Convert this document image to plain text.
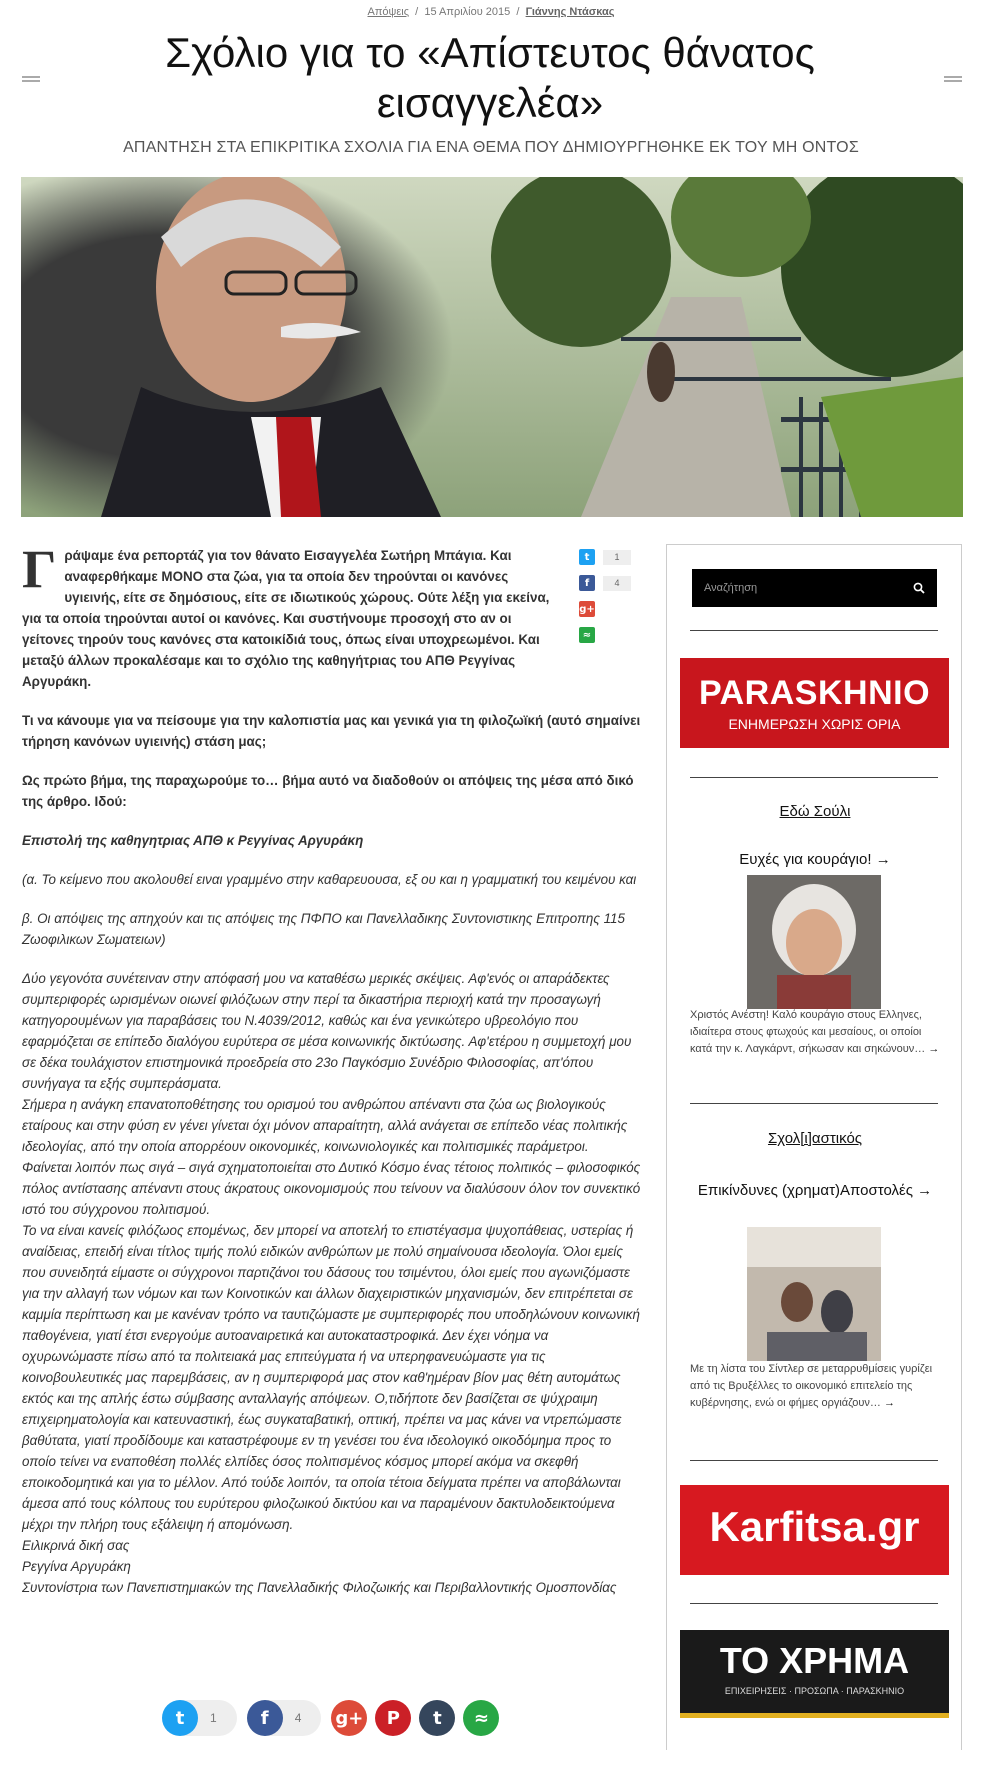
Απόψεις / 15 Απριλίου 2015 / Γιάννης Ντάσκας
Σχόλιο για το «Απίστευτος θάνατος
εισαγγελέα»
ΑΠΑΝΤΗΣΗ ΣΤΑ ΕΠΙΚΡΙΤΙΚΑ ΣΧΟΛΙΑ ΓΙΑ ΕΝΑ ΘΕΜΑ ΠΟΥ ΔΗΜΙΟΥΡΓΗΘΗΚΕ ΕΚ ΤΟΥ ΜΗ ΟΝΤΟΣ
t	1
f	4
g+
≈

Γ ράψαμε ένα ρεπορτάζ για τον θάνατο Εισαγγελέα Σωτήρη Μπάγια. Και αναφερθήκαμε ΜΟΝΟ στα ζώα, για τα οποία δεν τηρούνται οι κανόνες υγιεινής, είτε σε δημόσιους, είτε σε ιδιωτικούς χώρους. Ούτε λέξη για εκείνα, για τα οποία τηρούνται αυτοί οι κανόνες. Και συστήνουμε προσοχή στο αν οι γείτονες τηρούν τους κανόνες στα κατοικίδιά τους, όπως είναι υποχρεωμένοι. Και μεταξύ άλλων προκαλέσαμε και το σχόλιο της καθηγήτριας του ΑΠΘ Ρεγγίνας Αργυράκη.

Τι να κάνουμε για να πείσουμε για την καλοπιστία μας και γενικά για τη φιλοζωϊκή (αυτό σημαίνει τήρηση κανόνων υγιεινής) στάση μας;

Ως πρώτο βήμα, της παραχωρούμε το… βήμα αυτό να διαδοθούν οι απόψεις της μέσα από δικό της άρθρο. Ιδού:

Επιστολή της καθηγητριας ΑΠΘ κ Ρεγγίνας Αργυράκη

(α. Το κείμενο που ακολουθεί ειναι γραμμένο στην καθαρευουσα, εξ ου και η γραμματική του κειμένου και

β. Οι απόψεις της απηχούν και τις απόψεις της ΠΦΠΟ και Πανελλαδικης Συντονιστικης Επιτροπης 115 Ζωοφιλικων Σωματειων)

Δύο γεγονότα συνέτειναν στην απόφασή μου να καταθέσω μερικές σκέψεις. Αφ'ενός οι απαράδεκτες συμπεριφορές ωρισμένων οιωνεί φιλόζωων στην περί τα δικαστήρια περιοχή κατά την προσαγωγή κατηγορουμένων για παραβάσεις του Ν.4039/2012, καθώς και ένα γενικώτερο υβρεολόγιο που εφαρμόζεται σε επίπεδο διαλόγου ευρύτερα σε μέσα κοινωνικής δικτύωσης. Αφ'ετέρου η συμμετοχή μου σε δέκα τουλάχιστον επιστημονικά προεδρεία στο 23ο Παγκόσμιο Συνέδριο Φιλοσοφίας, απ'όπου συνήγαγα τα εξής συμπεράσματα.

Σήμερα η ανάγκη επανατοποθέτησης του ορισμού του ανθρώπου απέναντι στα ζώα ως βιολογικούς εταίρους και στην φύση εν γένει γίνεται όχι μόνον απαραίτητη, αλλά ανάγεται σε επίπεδο νέας πολιτικής ιδεολογίας, από την οποία απορρέουν οικονομικές, κοινωνιολογικές και πολιτισμικές παράμετροι. Φαίνεται λοιπόν πως σιγά – σιγά σχηματοποιείται στο Δυτικό Κόσμο ένας τέτοιος πολιτικός – φιλοσοφικός πόλος αντίστασης απέναντι στους άκρατους οικονομισμούς που τείνουν να διαλύσουν όλον τον συνεκτικό ιστό του σύγχρονου πολιτισμού.

Το να είναι κανείς φιλόζωος επομένως, δεν μπορεί να αποτελή το επιστέγασμα ψυχοπάθειας, υστερίας ή αναίδειας, επειδή είναι τίτλος τιμής πολύ ειδικών ανθρώπων με πολύ σημαίνουσα ιδεολογία. Όλοι εμείς που συνειδητά είμαστε οι σύγχρονοι παρτιζάνοι του δάσους του τσιμέντου, όλοι εμείς που αγωνιζόμαστε για την αλλαγή των νόμων και των Κοινοτικών και άλλων διαχειριστικών μηχανισμών, δεν επιτρέπεται σε καμμία περίπτωση και με κανέναν τρόπο να ταυτιζώμαστε με συμπεριφορές που υποδηλώνουν κοινωνική παθογένεια, γιατί έτσι ενεργούμε αυτοαναιρετικά και αυτοκαταστροφικά. Δεν έχει νόημα να οχυρωνώμαστε πίσω από τα πολιτειακά μας επιτεύγματα ή να υπερηφανευώμαστε για τις κοινοβουλευτικές μας παρεμβάσεις, αν η συμπεριφορά μας στον καθ'ημέραν βίον μας θέτη αυτομάτως εκτός και της απλής έστω σύμβασης ανταλλαγής απόψεων. Ο,τιδήποτε δεν βασίζεται σε ψύχραιμη επιχειρηματολογία και κατευναστική, έως συγκαταβατική, οπτική, πρέπει να μας κάνει να ντρεπώμαστε βαθύτατα, γιατί προδίδουμε και καταστρέφουμε εν τη γενέσει του ένα ιδεολογικό οικοδόμημα προς το οποίο τείνει να εναποθέση πολλές ελπίδες όσος πολιτισμένος κόσμος μπορεί ακόμα να σκεφθή εποικοδομητικά και για το μέλλον. Από τούδε λοιπόν, τα οποία τέτοια δείγματα πρέπει να αποβάλωνται άμεσα από τους κόλπους του ευρύτερου φιλοζωικού δικτύου και να παραμένουν δακτυλοδεικτούμενα μέχρι την πλήρη τους εξάλειψη ή απομόνωση.

Ειλικρινά δική σας

Ρεγγίνα Αργυράκη

Συντονίστρια των Πανεπιστημιακών της Πανελλαδικής Φιλοζωικής και Περιβαλλοντικής Ομοσπονδίας

Αναζήτηση
PARASKHNIO
ΕΝΗΜΕΡΩΣΗ ΧΩΡΙΣ ΟΡΙΑ
Εδώ Σούλι
Ευχές για κουράγιο! →
Χριστός Ανέστη! Καλό κουράγιο στους Ελληνες, ιδιαίτερα στους φτωχούς και μεσαίους, οι οποίοι κατά την κ. Λαγκάρντ, σήκωσαν και σηκώνουν… →
Σχολ[ι]αστικός
Επικίνδυνες (χρηματ)Αποστολές →
Με τη λίστα του Σίντλερ σε μεταρρυθμίσεις γυρίζει από τις Βρυξέλλες το οικονομικό επιτελείο της κυβέρνησης, ενώ οι φήμες οργιάζουν… →
Karfitsa.gr
ΤΟ ΧΡΗΜΑ
ΕΠΙΧΕΙΡΗΣΕΙΣ · ΠΡΟΣΩΠΑ · ΠΑΡΑΣΚΗΝΙΟ
t	1	f	4 g+	P	t	≈
